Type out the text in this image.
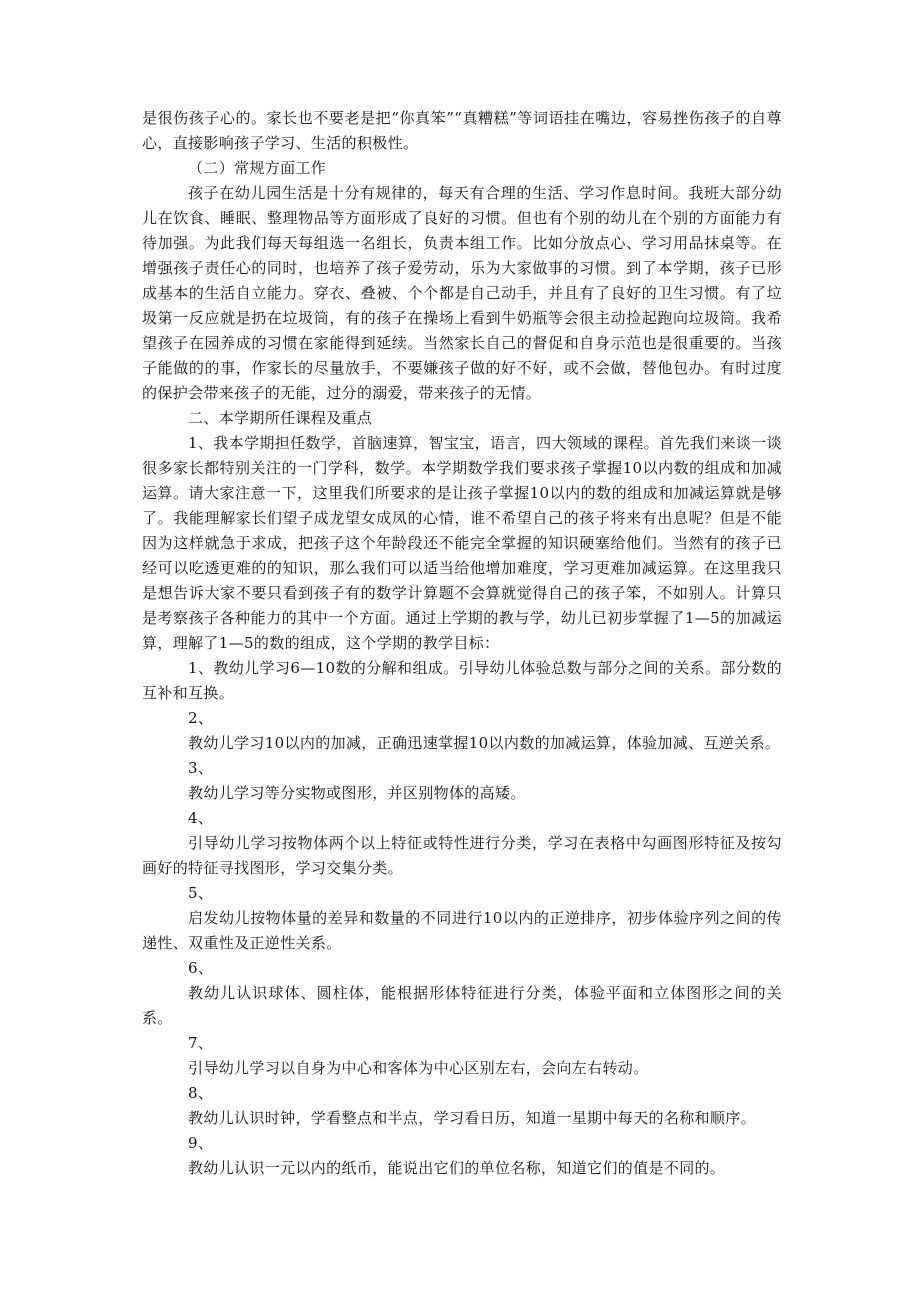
是很伤孩子心的。家长也不要老是把“你真笨”“真糟糕”等词语挂在嘴边，容易挫伤孩子的自尊心，直接影响孩子学习、生活的积极性。

（二）常规方面工作

孩子在幼儿园生活是十分有规律的，每天有合理的生活、学习作息时间。我班大部分幼儿在饮食、睡眠、整理物品等方面形成了良好的习惯。但也有个别的幼儿在个别的方面能力有待加强。为此我们每天每组选一名组长，负责本组工作。比如分放点心、学习用品抹桌等。在增强孩子责任心的同时，也培养了孩子爱劳动，乐为大家做事的习惯。到了本学期，孩子已形成基本的生活自立能力。穿衣、叠被、个个都是自己动手，并且有了良好的卫生习惯。有了垃圾第一反应就是扔在垃圾筒，有的孩子在操场上看到牛奶瓶等会很主动捡起跑向垃圾筒。我希望孩子在园养成的习惯在家能得到延续。当然家长自己的督促和自身示范也是很重要的。当孩子能做的的事，作家长的尽量放手，不要嫌孩子做的好不好，或不会做，替他包办。有时过度的保护会带来孩子的无能，过分的溺爱，带来孩子的无情。

二、本学期所任课程及重点

1、我本学期担任数学，首脑速算，智宝宝，语言，四大领域的课程。首先我们来谈一谈很多家长都特别关注的一门学科，数学。本学期数学我们要求孩子掌握10以内数的组成和加减运算。请大家注意一下，这里我们所要求的是让孩子掌握10以内的数的组成和加减运算就是够了。我能理解家长们望子成龙望女成凤的心情，谁不希望自己的孩子将来有出息呢？但是不能因为这样就急于求成，把孩子这个年龄段还不能完全掌握的知识硬塞给他们。当然有的孩子已经可以吃透更难的的知识，那么我们可以适当给他增加难度，学习更难加减运算。在这里我只是想告诉大家不要只看到孩子有的数学计算题不会算就觉得自己的孩子笨，不如别人。计算只是考察孩子各种能力的其中一个方面。通过上学期的教与学，幼儿已初步掌握了1—5的加减运算，理解了1—5的数的组成，这个学期的教学目标：

1、教幼儿学习6—10数的分解和组成。引导幼儿体验总数与部分之间的关系。部分数的互补和互换。

2、

教幼儿学习10以内的加减，正确迅速掌握10以内数的加减运算，体验加减、互逆关系。

3、

教幼儿学习等分实物或图形，并区别物体的高矮。

4、

引导幼儿学习按物体两个以上特征或特性进行分类，学习在表格中勾画图形特征及按勾画好的特征寻找图形，学习交集分类。

5、

启发幼儿按物体量的差异和数量的不同进行10以内的正逆排序，初步体验序列之间的传递性、双重性及正逆性关系。

6、

教幼儿认识球体、圆柱体，能根据形体特征进行分类，体验平面和立体图形之间的关系。

7、

引导幼儿学习以自身为中心和客体为中心区别左右，会向左右转动。

8、

教幼儿认识时钟，学看整点和半点，学习看日历，知道一星期中每天的名称和顺序。

9、

教幼儿认识一元以内的纸币，能说出它们的单位名称，知道它们的值是不同的。
